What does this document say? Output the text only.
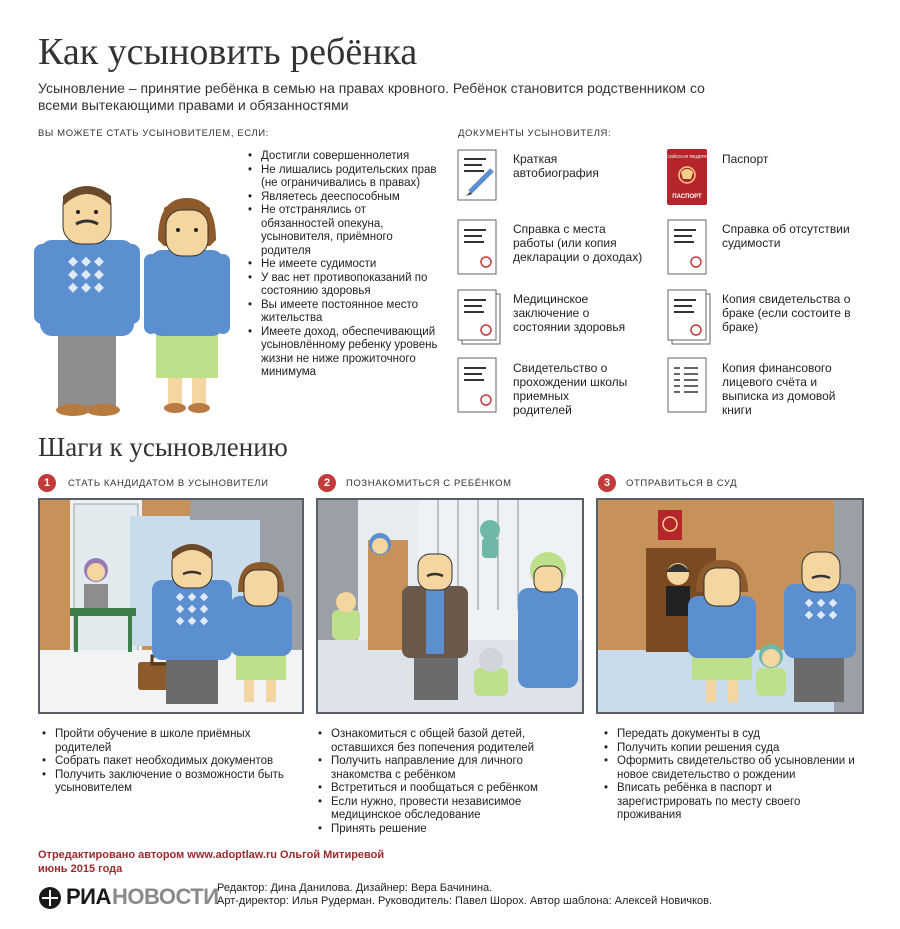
Как усыновить ребёнка
Усыновление – принятие ребёнка в семью на правах кровного. Ребёнок становится родственником со всеми вытекающими правами и обязанностями
ВЫ МОЖЕТЕ СТАТЬ УСЫНОВИТЕЛЕМ, ЕСЛИ:
• Достигли совершеннолетия
• Не лишались родительских прав (не ограничивались в правах)
• Являетесь дееспособным
• Не отстранялись от обязанностей опекуна, усыновителя, приёмного родителя
• Не имеете судимости
• У вас нет противопоказаний по состоянию здоровья
• Вы имеете постоянное место жительства
• Имеете доход, обеспечивающий усыновлённому ребенку уровень жизни не ниже прожиточного минимума
ДОКУМЕНТЫ УСЫНОВИТЕЛЯ:
РОССИЙСКАЯ ФЕДЕРАЦИЯ
ПАСПОРТ
Краткая автобиография
Паспорт
Справка с места работы (или копия декларации о доходах)
Справка об отсутствии судимости
Медицинское заключение о состоянии здоровья
Копия свидетельства о браке (если состоите в браке)
Свидетельство о прохождении школы приемных родителей
Копия финансового лицевого счёта и выписка из домовой книги
Шаги к усыновлению
1	СТАТЬ КАНДИДАТОМ В УСЫНОВИТЕЛИ	2	ПОЗНАКОМИТЬСЯ С РЕБЁНКОМ	3	ОТПРАВИТЬСЯ В СУД
• Пройти обучение в школе приёмных родителей
• Собрать пакет необходимых документов
• Получить заключение о возможности быть усыновителем
• Ознакомиться с общей базой детей, оставшихся без попечения родителей
• Получить направление для личного знакомства с ребёнком
• Встретиться и пообщаться с ребёнком
• Если нужно, провести независимое медицинское обследование
• Принять решение
• Передать документы в суд
• Получить копии решения суда
• Оформить свидетельство об усыновлении и новое свидетельство о рождении
• Вписать ребёнка в паспорт и зарегистрировать по месту своего проживания
Отредактировано автором www.adoptlaw.ru Ольгой Митиревой
июнь 2015 года
РИА НОВОСТИ
Редактор: Дина Данилова. Дизайнер: Вера Бачинина.
Арт-директор: Илья Рудерман. Руководитель: Павел Шорох. Автор шаблона: Алексей Новичков.
